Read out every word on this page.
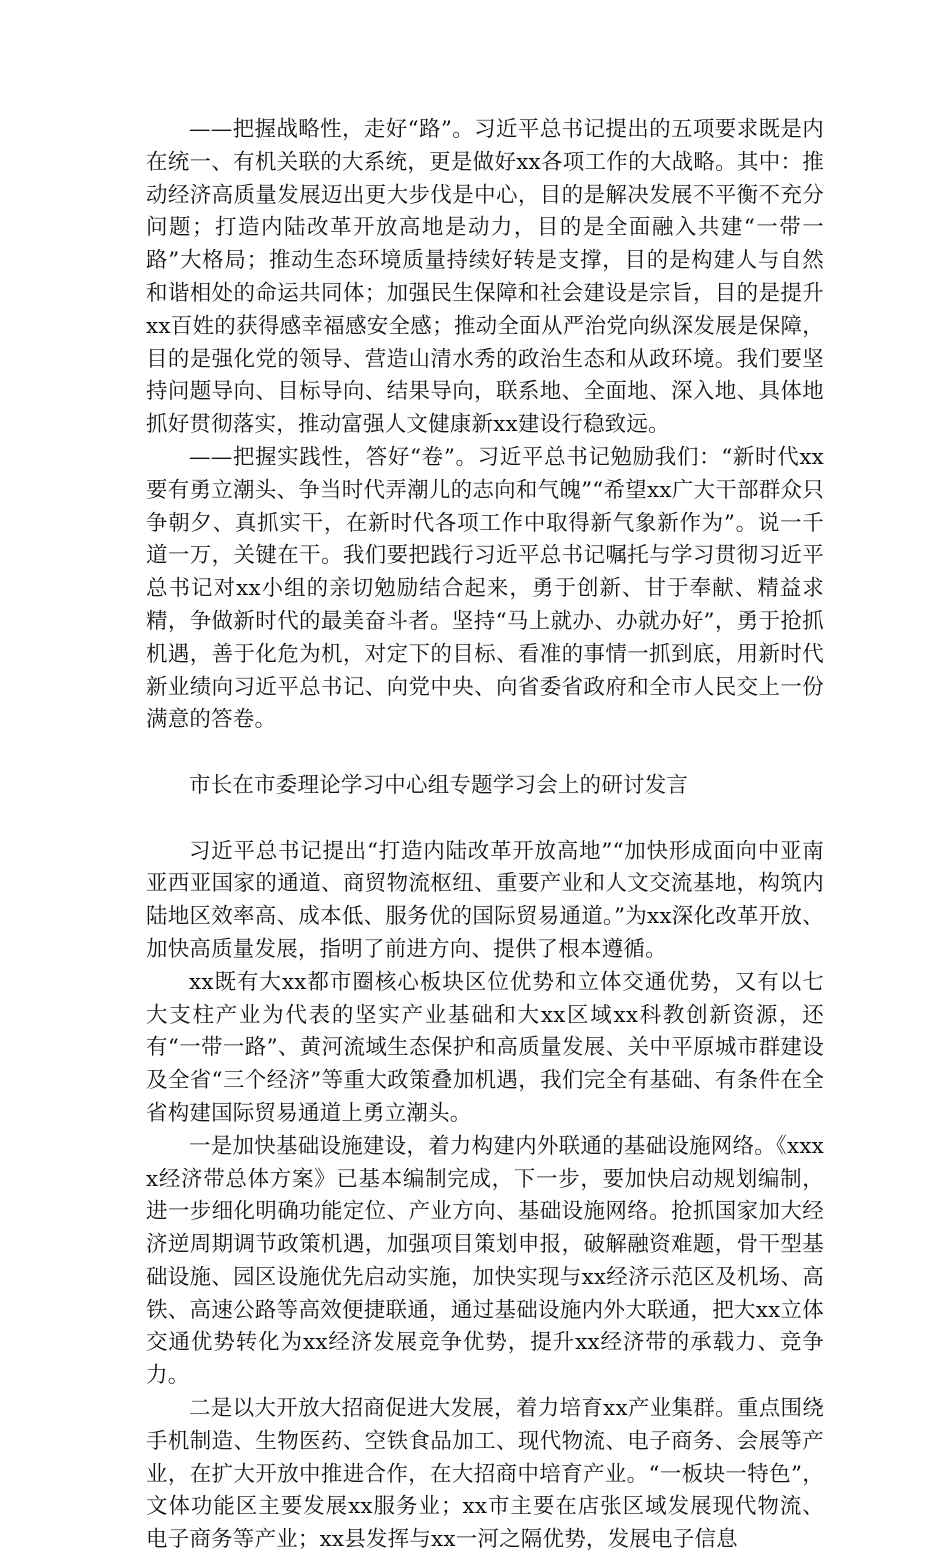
——把握战略性，走好“路”。习近平总书记提出的五项要求既是内在统一、有机关联的大系统，更是做好xx各项工作的大战略。其中：推动经济高质量发展迈出更大步伐是中心，目的是解决发展不平衡不充分问题；打造内陆改革开放高地是动力，目的是全面融入共建“一带一路”大格局；推动生态环境质量持续好转是支撑，目的是构建人与自然和谐相处的命运共同体；加强民生保障和社会建设是宗旨，目的是提升xx百姓的获得感幸福感安全感；推动全面从严治党向纵深发展是保障，目的是强化党的领导、营造山清水秀的政治生态和从政环境。我们要坚持问题导向、目标导向、结果导向，联系地、全面地、深入地、具体地抓好贯彻落实，推动富强人文健康新xx建设行稳致远。

——把握实践性，答好“卷”。习近平总书记勉励我们：“新时代xx要有勇立潮头、争当时代弄潮儿的志向和气魄”“希望xx广大干部群众只争朝夕、真抓实干，在新时代各项工作中取得新气象新作为”。说一千道一万，关键在干。我们要把践行习近平总书记嘱托与学习贯彻习近平总书记对xx小组的亲切勉励结合起来，勇于创新、甘于奉献、精益求精，争做新时代的最美奋斗者。坚持“马上就办、办就办好”，勇于抢抓机遇，善于化危为机，对定下的目标、看准的事情一抓到底，用新时代新业绩向习近平总书记、向党中央、向省委省政府和全市人民交上一份满意的答卷。

市长在市委理论学习中心组专题学习会上的研讨发言

习近平总书记提出“打造内陆改革开放高地”“加快形成面向中亚南亚西亚国家的通道、商贸物流枢纽、重要产业和人文交流基地，构筑内陆地区效率高、成本低、服务优的国际贸易通道。”为xx深化改革开放、加快高质量发展，指明了前进方向、提供了根本遵循。

xx既有大xx都市圈核心板块区位优势和立体交通优势，又有以七大支柱产业为代表的坚实产业基础和大xx区域xx科教创新资源，还有“一带一路”、黄河流域生态保护和高质量发展、关中平原城市群建设及全省“三个经济”等重大政策叠加机遇，我们完全有基础、有条件在全省构建国际贸易通道上勇立潮头。

一是加快基础设施建设，着力构建内外联通的基础设施网络。《xxxx经济带总体方案》已基本编制完成，下一步，要加快启动规划编制，进一步细化明确功能定位、产业方向、基础设施网络。抢抓国家加大经济逆周期调节政策机遇，加强项目策划申报，破解融资难题，骨干型基础设施、园区设施优先启动实施，加快实现与xx经济示范区及机场、高铁、高速公路等高效便捷联通，通过基础设施内外大联通，把大xx立体交通优势转化为xx经济发展竞争优势，提升xx经济带的承载力、竞争力。

二是以大开放大招商促进大发展，着力培育xx产业集群。重点围绕手机制造、生物医药、空铁食品加工、现代物流、电子商务、会展等产业，在扩大开放中推进合作，在大招商中培育产业。“一板块一特色”，文体功能区主要发展xx服务业；xx市主要在店张区域发展现代物流、电子商务等产业；xx县发挥与xx一河之隔优势，发展电子信息
